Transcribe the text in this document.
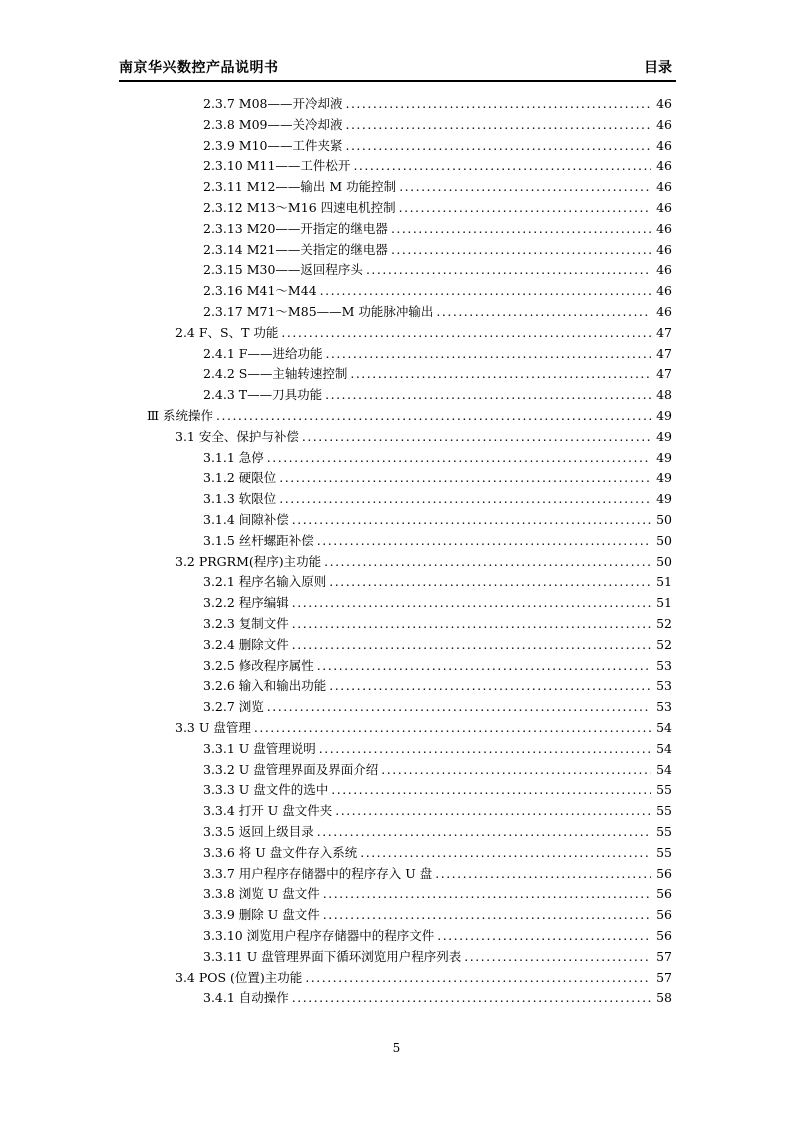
南京华兴数控产品说明书	目录
2.3.7 M08——开冷却液 .....	46
2.3.8 M09——关冷却液 .....	46
2.3.9 M10——工件夹紧 .....	46
2.3.10 M11——工件松开 .....	46
2.3.11 M12——输出 M 功能控制 .....	46
2.3.12 M13～M16 四速电机控制 .....	46
2.3.13 M20——开指定的继电器 .....	46
2.3.14 M21——关指定的继电器 .....	46
2.3.15 M30——返回程序头 .....	46
2.3.16 M41～M44 .....	46
2.3.17 M71～M85——M 功能脉冲输出 .....	46
2.4 F、S、T 功能 .....	47
2.4.1 F——进给功能 .....	47
2.4.2 S——主轴转速控制 .....	47
2.4.3 T——刀具功能 .....	48
Ⅲ 系统操作 .....	49
3.1 安全、保护与补偿 .....	49
3.1.1 急停 .....	49
3.1.2 硬限位 .....	49
3.1.3 软限位 .....	49
3.1.4 间隙补偿 .....	50
3.1.5 丝杆螺距补偿 .....	50
3.2 PRGRM(程序)主功能 .....	50
3.2.1 程序名输入原则 .....	51
3.2.2 程序编辑 .....	51
3.2.3 复制文件 .....	52
3.2.4 删除文件 .....	52
3.2.5 修改程序属性 .....	53
3.2.6 输入和输出功能 .....	53
3.2.7 浏览 .....	53
3.3 U 盘管理 .....	54
3.3.1 U 盘管理说明 .....	54
3.3.2 U 盘管理界面及界面介绍 .....	54
3.3.3 U 盘文件的选中 .....	55
3.3.4 打开 U 盘文件夹 .....	55
3.3.5 返回上级目录 .....	55
3.3.6 将 U 盘文件存入系统 .....	55
3.3.7 用户程序存储器中的程序存入 U 盘 .....	56
3.3.8 浏览 U 盘文件 .....	56
3.3.9 删除 U 盘文件 .....	56
3.3.10 浏览用户程序存储器中的程序文件 .....	56
3.3.11 U 盘管理界面下循环浏览用户程序列表 .....	57
3.4 POS (位置)主功能 .....	57
3.4.1 自动操作 .....	58
5
